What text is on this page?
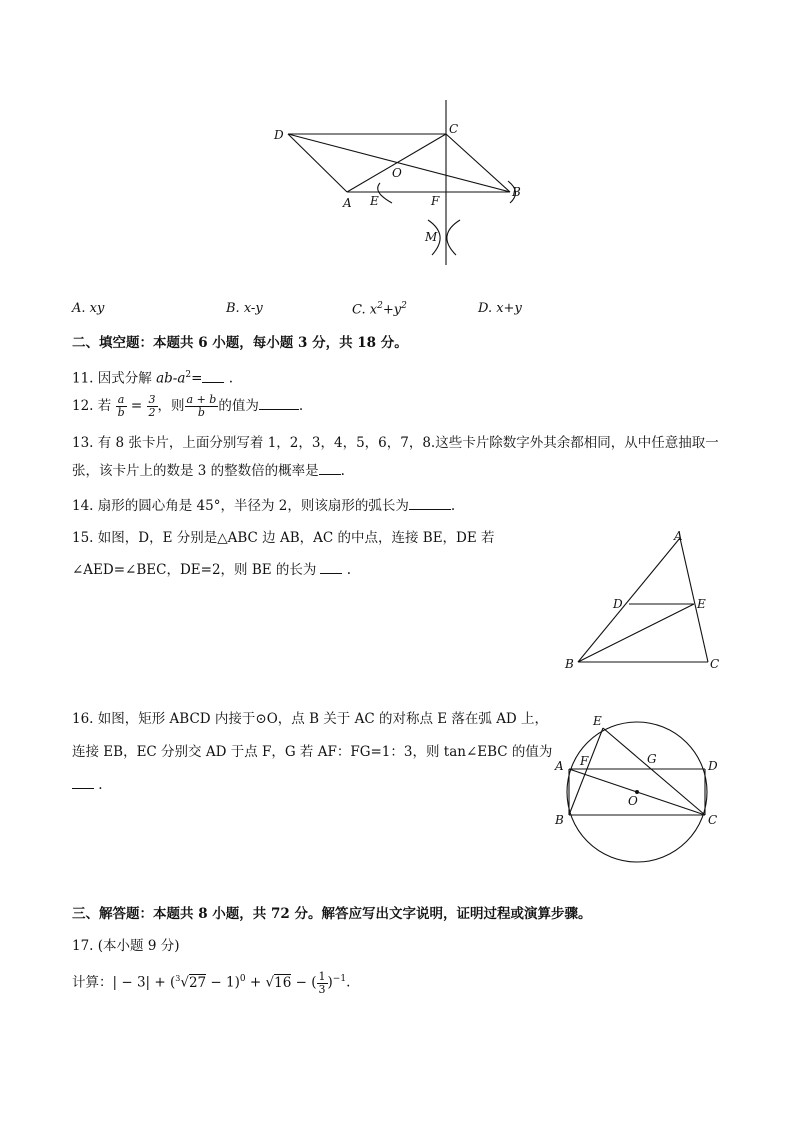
D	C
O
A E	F
B
M
A. xy	B. x-y	C. $x^2+y^2$	D. x+y
二、填空题：本题共 6 小题，每小题 3 分，共 18 分。
11. 因式分解 $ab-a^2=$ .
12. 若 $\frac{a}{b} = \frac{3}{2}$ ，则 $\frac{a + b}{b}$ 的值为	.
13. 有 8 张卡片，上面分别写着 1，2，3，4，5，6，7，8.这些卡片除数字外其余都相同，从中任意抽取一
张，该卡片上的数是 3 的整数倍的概率是 .
14. 扇形的圆心角是 45°，半径为 2，则该扇形的弧长为	.
15. 如图，D，E 分别是△ABC 边 AB，AC 的中点，连接 BE，DE 若
∠AED=∠BEC，DE=2，则 BE 的长为 .
A
D	E
B	C
16. 如图，矩形 ABCD 内接于⊙O，点 B 关于 AC 的对称点 E 落在弧 AD 上，
连接 EB，EC 分别交 AD 于点 F，G 若 AF：FG=1：3，则 tan∠EBC 的值为
.
E
A F	G	D
O
B	C
三、解答题：本题共 8 小题，共 72 分。解答应写出文字说明，证明过程或演算步骤。
17. (本小题 9 分)
计算：| − $3| + (^3√27 - 1)^0 + √16$ − ( $\frac{1}{3} )^{-1}$.
